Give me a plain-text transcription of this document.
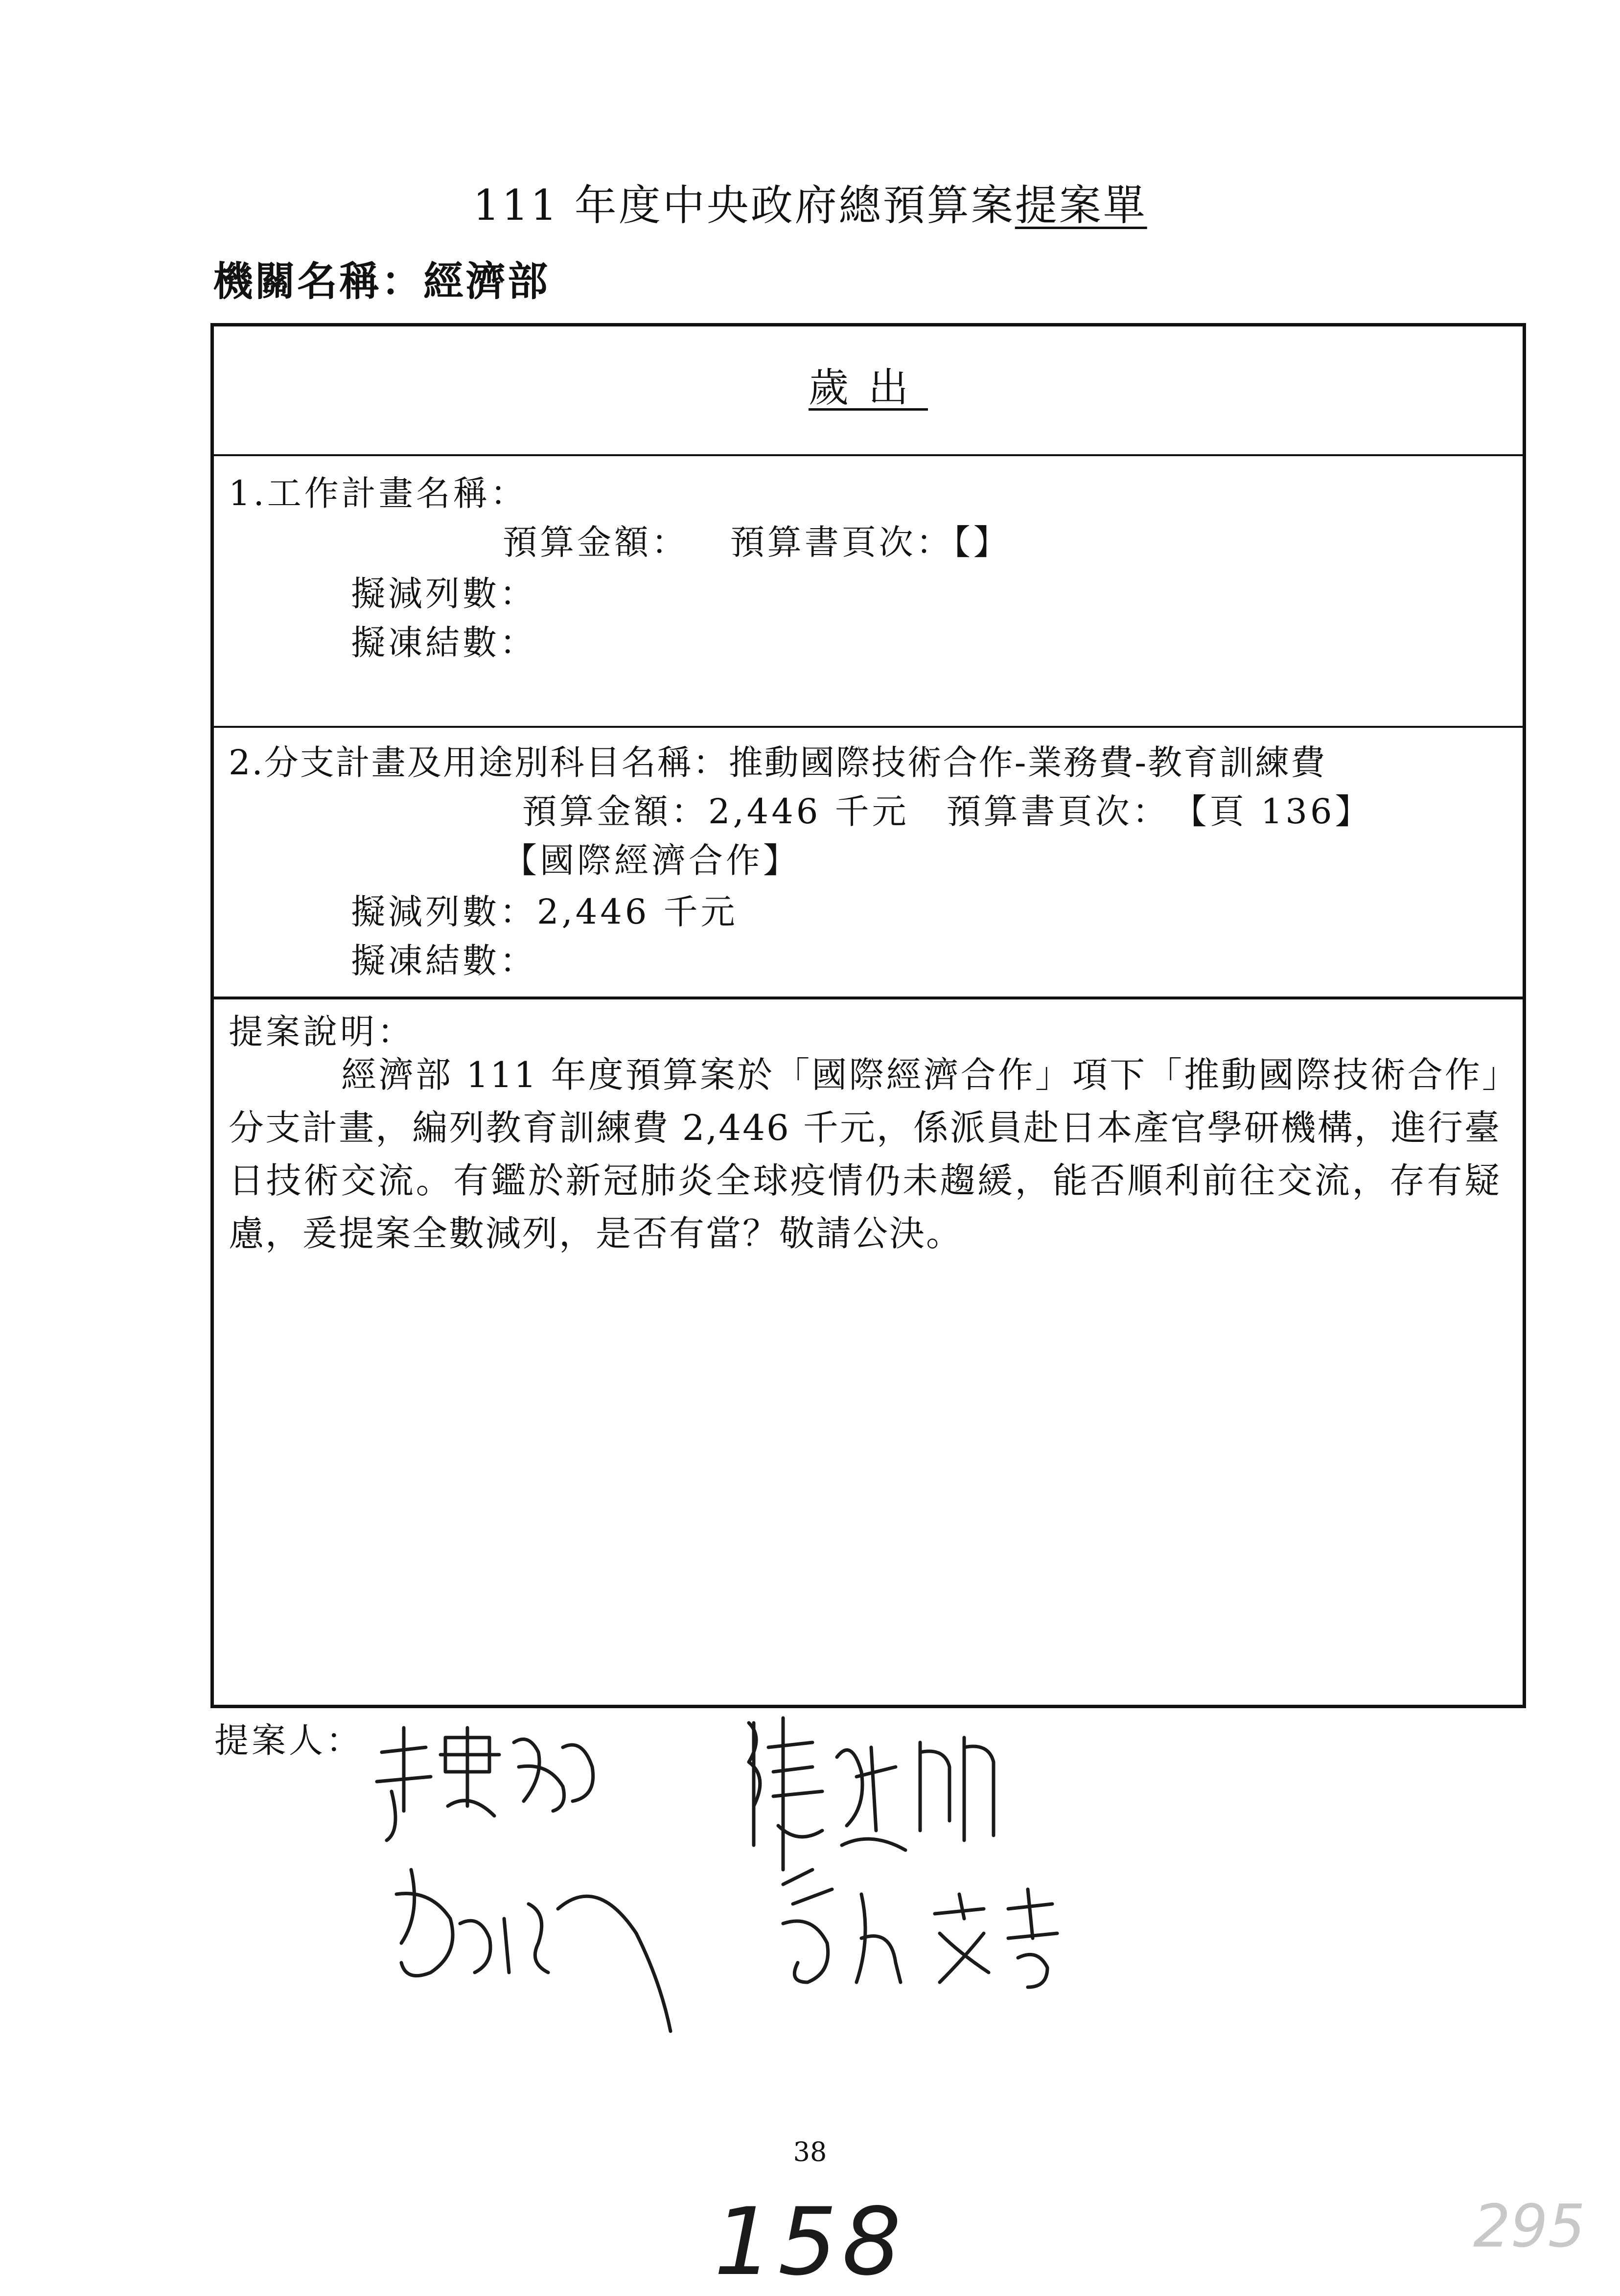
111 年度中央政府總預算案提案單
機關名稱：經濟部
歲出
1.工作計畫名稱：
預算金額：   預算書頁次：【】
擬減列數：
擬凍結數：
2.分支計畫及用途別科目名稱：推動國際技術合作-業務費-教育訓練費
預算金額：2,446 千元　預算書頁次：　【頁 136】
【國際經濟合作】
擬減列數：2,446 千元
擬凍結數：
提案說明：
經濟部 111 年度預算案於「國際經濟合作」項下「推動國際技術合作」分支計畫，編列教育訓練費 2,446 千元，係派員赴日本產官學研機構，進行臺日技術交流。有鑑於新冠肺炎全球疫情仍未趨緩，能否順利前往交流，存有疑慮，爰提案全數減列，是否有當？敬請公決。
提案人：
38
158	295
